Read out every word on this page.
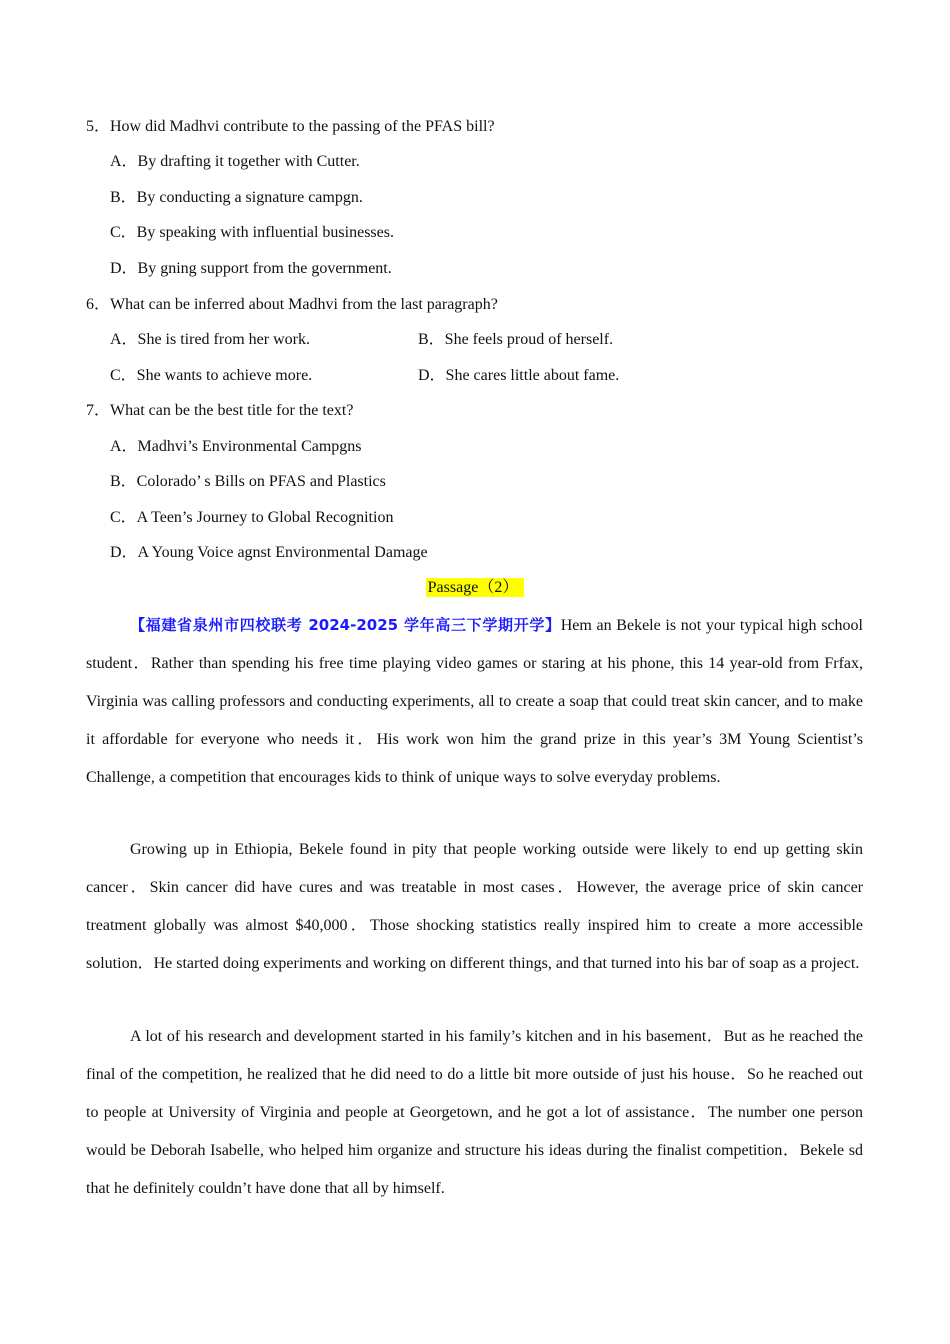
5．How did Madhvi contribute to the passing of the PFAS bill?
A．By drafting it together with Cutter.
B．By conducting a signature campgn.
C．By speaking with influential businesses.
D．By gning support from the government.
6．What can be inferred about Madhvi from the last paragraph?
A．She is tired from her work.	B．She feels proud of herself.
C．She wants to achieve more.	D．She cares little about fame.
7．What can be the best title for the text?
A．Madhvi’s Environmental Campgns
B．Colorado’ s Bills on PFAS and Plastics
C．A Teen’s Journey to Global Recognition
D．A Young Voice agnst Environmental Damage
Passage（2）

【福建省泉州市四校联考 2024-2025 学年高三下学期开学】Hem an Bekele is not your typical high school student．Rather than spending his free time playing video games or staring at his phone, this 14 year-old from Frfax, Virginia was calling professors and conducting experiments, all to create a soap that could treat skin cancer, and to make it affordable for everyone who needs it．His work won him the grand prize in this year’s 3M Young Scientist’s Challenge, a competition that encourages kids to think of unique ways to solve everyday problems.

Growing up in Ethiopia, Bekele found in pity that people working outside were likely to end up getting skin cancer．Skin cancer did have cures and was treatable in most cases．However, the average price of skin cancer treatment globally was almost $40,000．Those shocking statistics really inspired him to create a more accessible solution．He started doing experiments and working on different things, and that turned into his bar of soap as a project.

A lot of his research and development started in his family’s kitchen and in his basement．But as he reached the final of the competition, he realized that he did need to do a little bit more outside of just his house．So he reached out to people at University of Virginia and people at Georgetown, and he got a lot of assistance．The number one person would be Deborah Isabelle, who helped him organize and structure his ideas during the finalist competition．Bekele sd that he definitely couldn’t have done that all by himself.
